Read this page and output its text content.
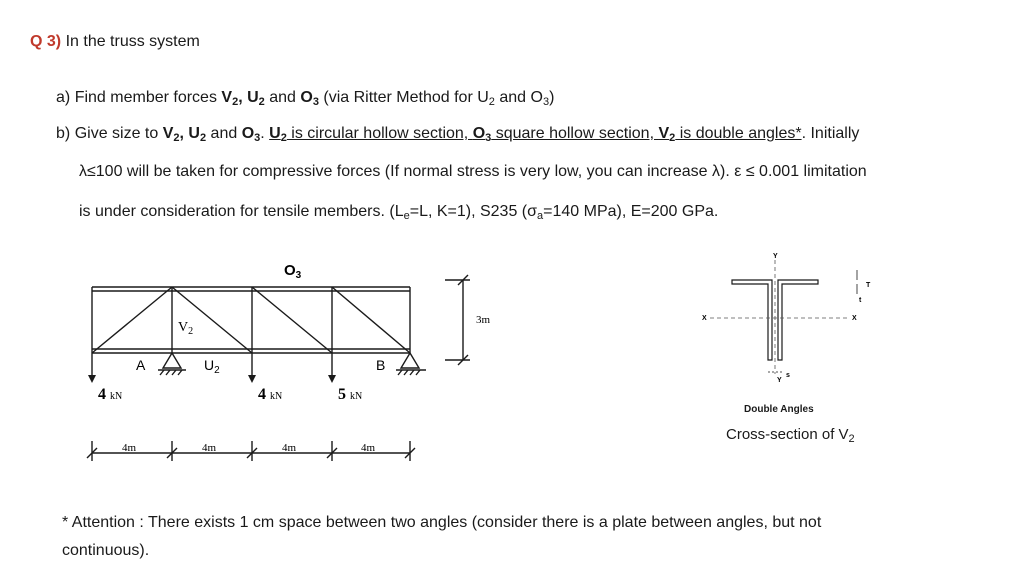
Q 3) In the truss system
a) Find member forces $V_2$, $U_2$ and $O_3$ (via Ritter Method for $U_2$ and $O_3$)
b) Give size to $V_2$, $U_2$ and $O_3$. $U_2$ is circular hollow section, $O_3$ square hollow section, $V_2$ is double angles*. Initially
λ≤100 will be taken for compressive forces (If normal stress is very low, you can increase λ). ε ≤ 0.001 limitation
is under consideration for tensile members. ($L_e=L$, K=1), S235 ($\sigma_a=140$ MPa), E=200 GPa.
$O_3$
$V_2$
$U_2$
A	B
3m
4 kN	4 kN	5 kN
4m	4m	4m	4m
Y
Y
X	X
T
t
s
Double Angles
Cross-section of $V_2$
* Attention : There exists 1 cm space between two angles (consider there is a plate between angles, but not
continuous).
